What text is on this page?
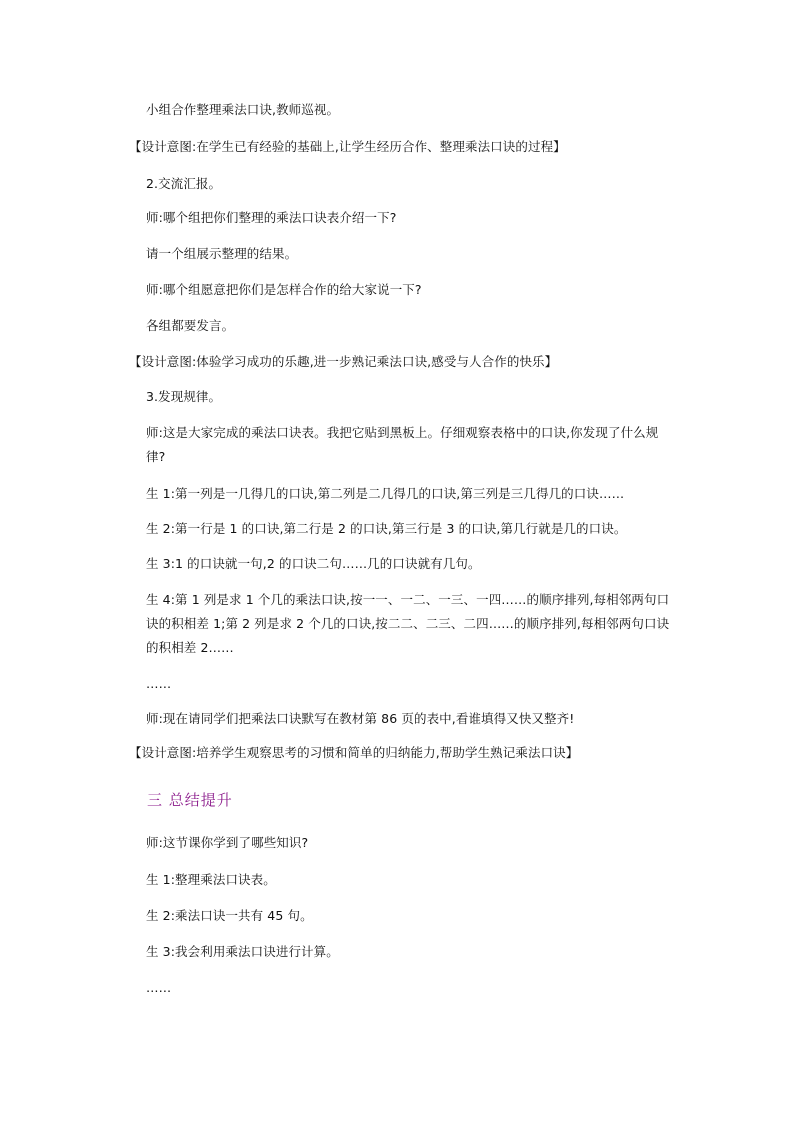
小组合作整理乘法口诀,教师巡视。
【设计意图:在学生已有经验的基础上,让学生经历合作、整理乘法口诀的过程】
2.交流汇报。
师:哪个组把你们整理的乘法口诀表介绍一下?
请一个组展示整理的结果。
师:哪个组愿意把你们是怎样合作的给大家说一下?
各组都要发言。
【设计意图:体验学习成功的乐趣,进一步熟记乘法口诀,感受与人合作的快乐】
3.发现规律。
师:这是大家完成的乘法口诀表。我把它贴到黑板上。仔细观察表格中的口诀,你发现了什么规律?
生 1:第一列是一几得几的口诀,第二列是二几得几的口诀,第三列是三几得几的口诀……
生 2:第一行是 1 的口诀,第二行是 2 的口诀,第三行是 3 的口诀,第几行就是几的口诀。
生 3:1 的口诀就一句,2 的口诀二句……几的口诀就有几句。
生 4:第 1 列是求 1 个几的乘法口诀,按一一、一二、一三、一四……的顺序排列,每相邻两句口诀的积相差 1;第 2 列是求 2 个几的口诀,按二二、二三、二四……的顺序排列,每相邻两句口诀的积相差 2……
……
师:现在请同学们把乘法口诀默写在教材第 86 页的表中,看谁填得又快又整齐!
【设计意图:培养学生观察思考的习惯和简单的归纳能力,帮助学生熟记乘法口诀】
三 总结提升
师:这节课你学到了哪些知识?
生 1:整理乘法口诀表。
生 2:乘法口诀一共有 45 句。
生 3:我会利用乘法口诀进行计算。
……
